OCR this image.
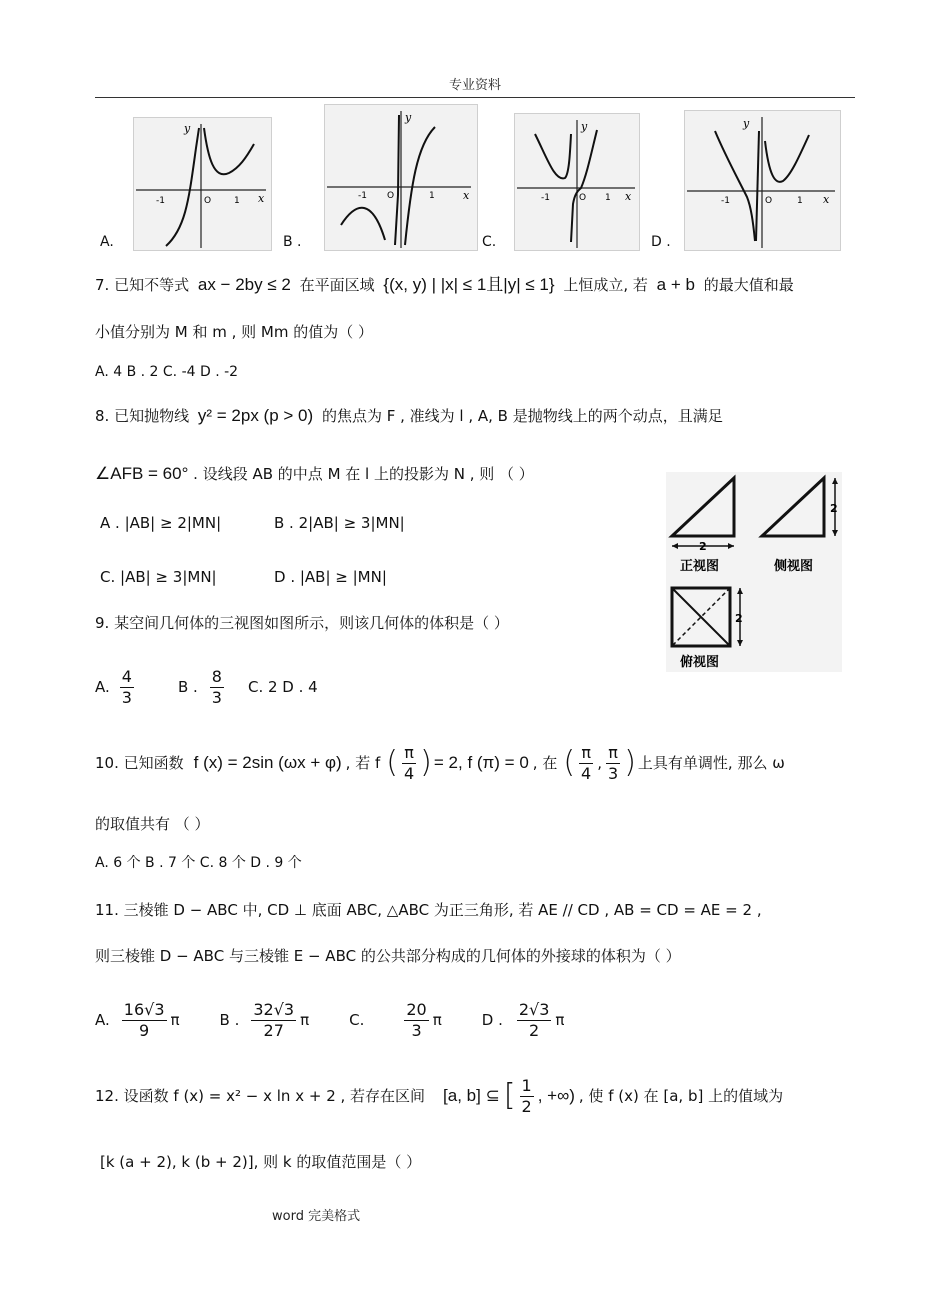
专业资料
A.
y
x
-1	O	1
B .
y
x
-1 O	1
C.
y
x
-1	O 1
D .
y
x
-1	O	1
7. 已知不等式 ax − 2by ≤ 2 在平面区域 {(x, y) | |x| ≤ 1且|y| ≤ 1} 上恒成立, 若 a + b 的最大值和最
小值分别为 M 和 m , 则 Mm 的值为（ ）
A. 4 B . 2 C. -4 D . -2
8. 已知抛物线 y² = 2px (p > 0) 的焦点为 F , 准线为 l , A, B 是抛物线上的两个动点，且满足
∠AFB = 60° . 设线段 AB 的中点 M 在 l 上的投影为 N , 则 （ ）
A . |AB| ≥ 2|MN|	B . 2|AB| ≥ 3|MN|
C. |AB| ≥ 3|MN|	D . |AB| ≥ |MN|
2
正视图
2
侧视图
2
俯视图
9. 某空间几何体的三视图如图所示，则该几何体的体积是（ ）
A. $\frac{4}{3}$	B . $\frac{8}{3} C$. 2 D . 4
10. 已知函数 f (x) = 2sin (ωx + φ) , 若 f ( $\frac{\pi}{4}$ ) = 2, f (π) = 0 , 在 ( $\frac{\pi}{4}$ , $\frac{\pi}{3}$ ) 上具有单调性, 那么 ω
的取值共有 （ ）
A. 6 个 B . 7 个 C. 8 个 D . 9 个
11. 三棱锥 D − ABC 中, CD ⊥ 底面 ABC, △ABC 为正三角形, 若 AE // CD , AB = CD = AE = 2 ,
则三棱锥 D − ABC 与三棱锥 E − ABC 的公共部分构成的几何体的外接球的体积为（ ）
A. $\frac{16√3}{9}$ π	B . $\frac{32√3}{27}$ π	C.	$\frac{20}{3}$ π	D . $\frac{2√3}{2}$ π
12. 设函数 f (x) = x² − x ln x + 2 , 若存在区间 [a, b] ⊆ [ $\frac{1}{2}$ , +∞) , 使 f (x) 在 [a, b] 上的值域为
[k (a + 2), k (b + 2)], 则 k 的取值范围是（ ）
word 完美格式
